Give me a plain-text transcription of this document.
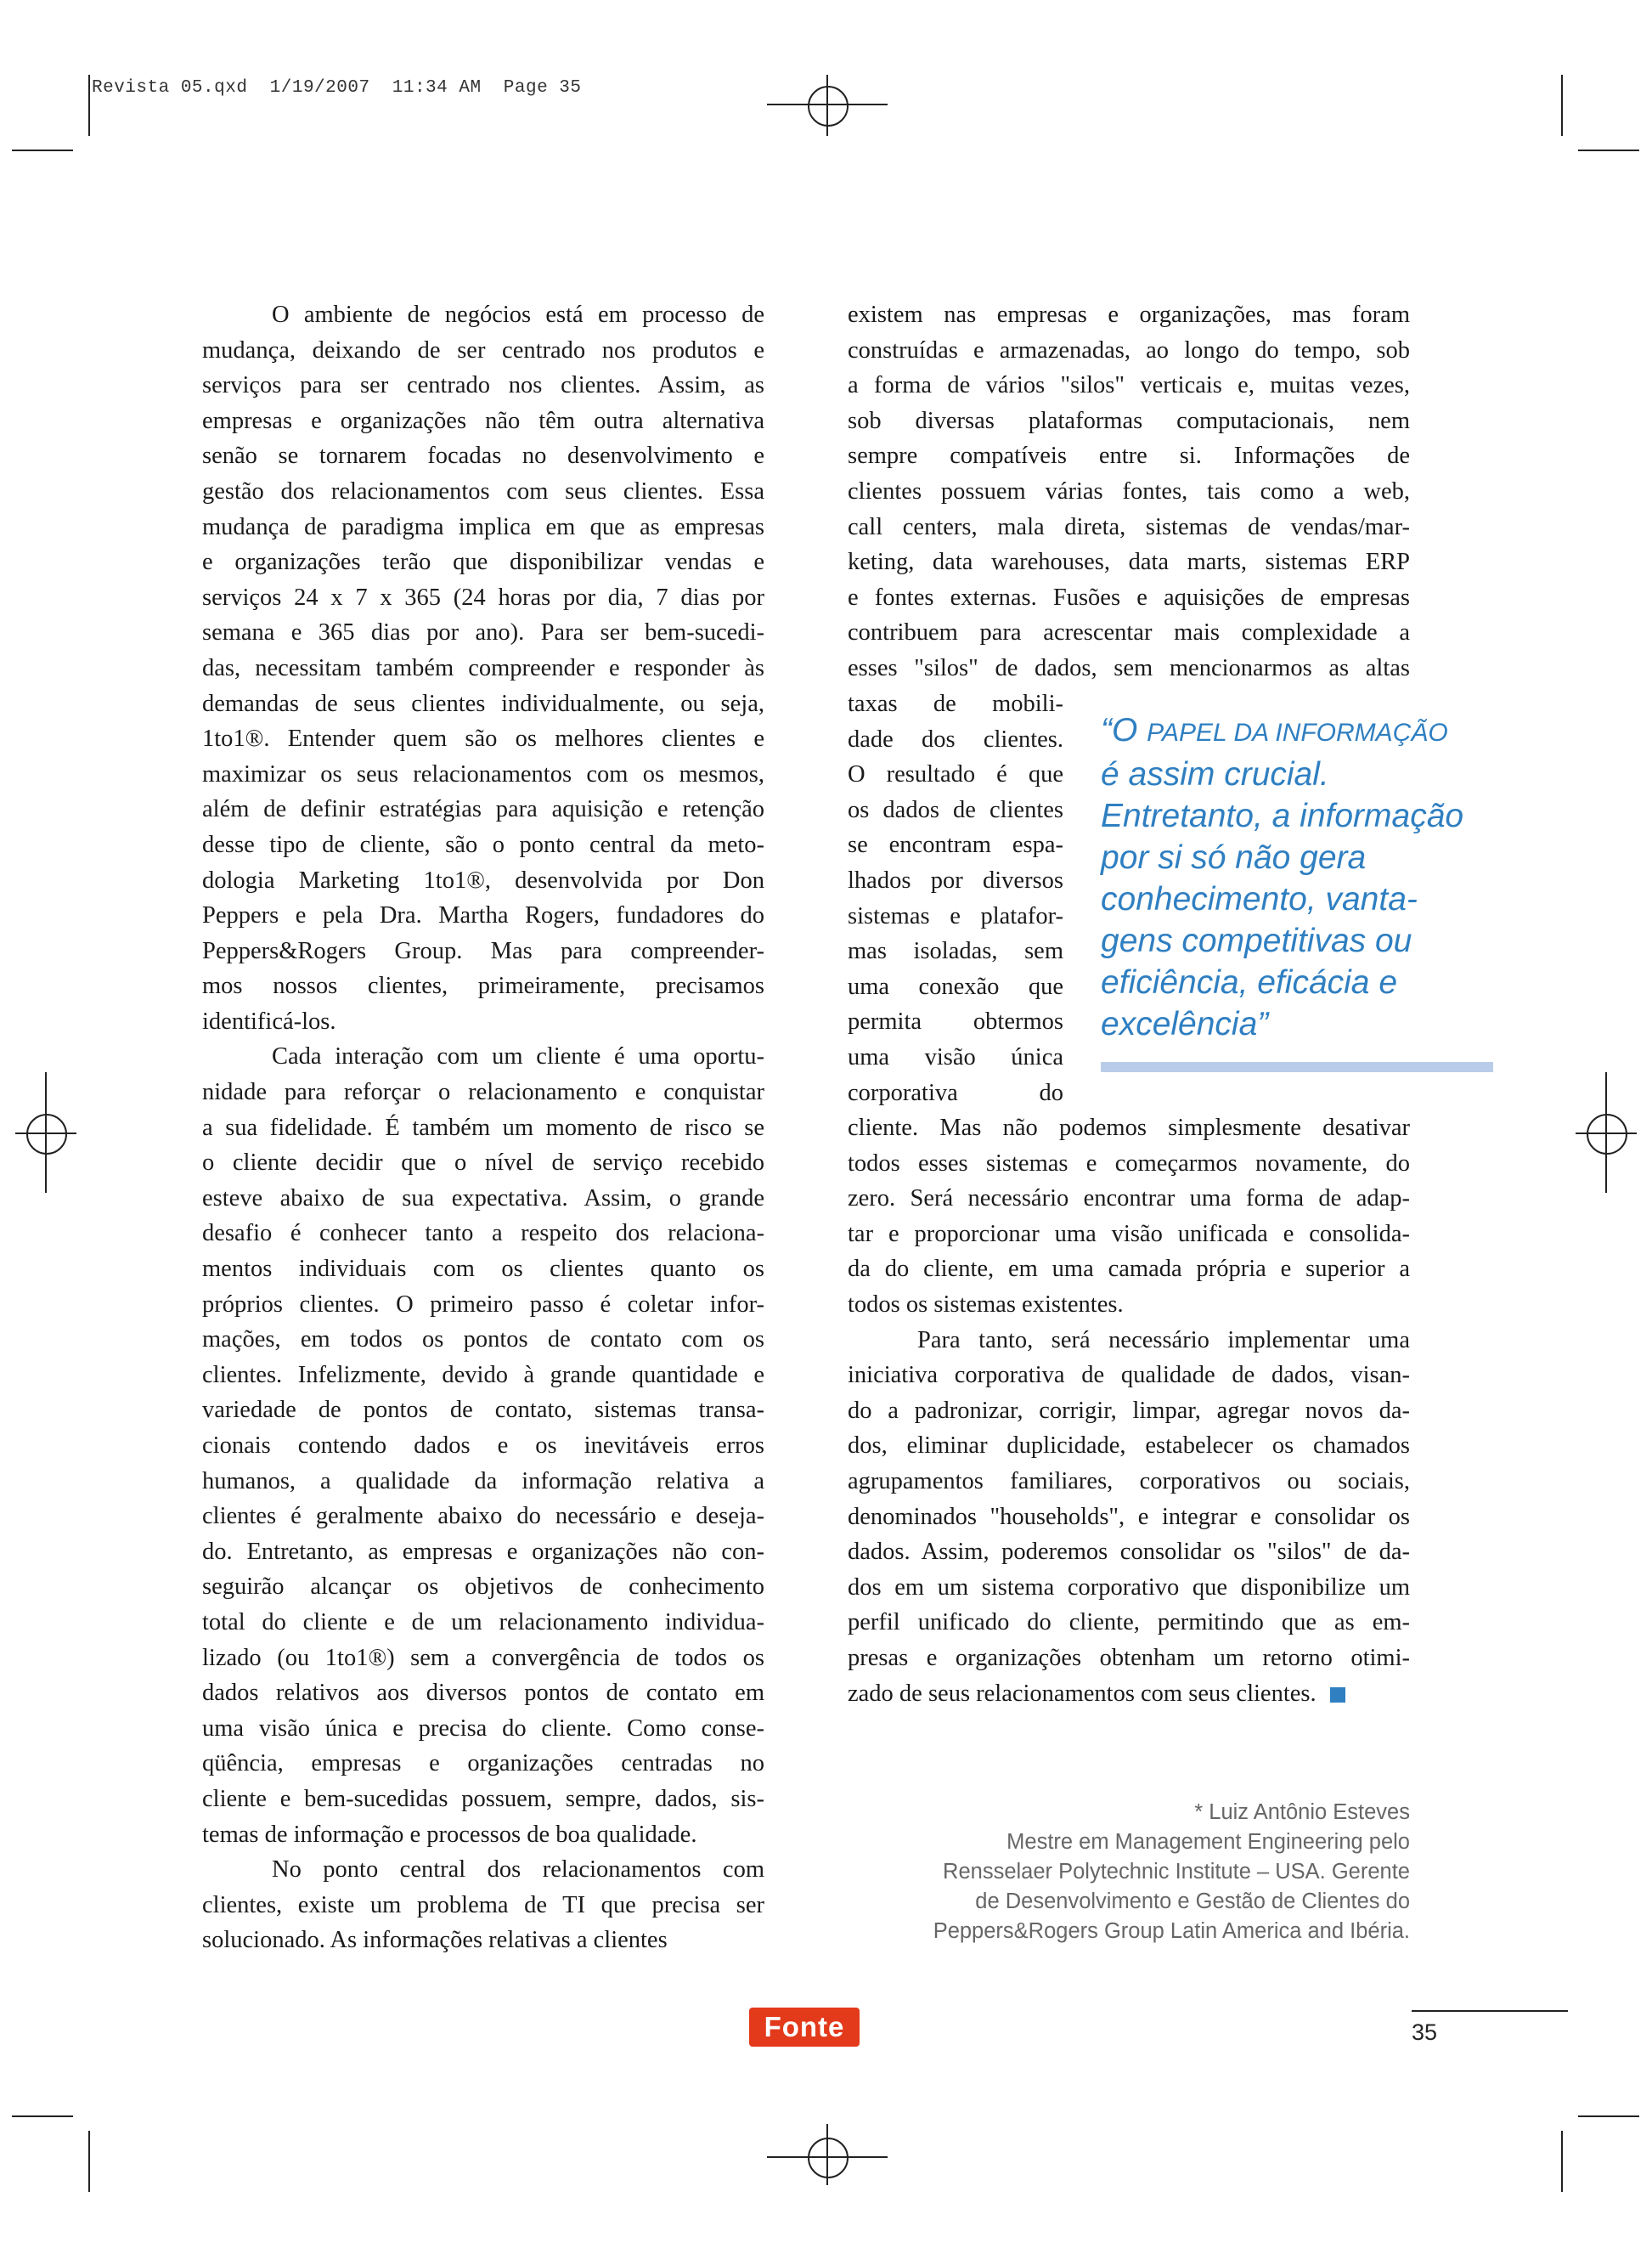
Revista 05.qxd  1/19/2007  11:34 AM  Page 35
O ambiente de negócios está em processo de
mudança, deixando de ser centrado nos produtos e
serviços para ser centrado nos clientes. Assim, as
empresas e organizações não têm outra alternativa
senão se tornarem focadas no desenvolvimento e
gestão dos relacionamentos com seus clientes. Essa
mudança de paradigma implica em que as empresas
e organizações terão que disponibilizar vendas e
serviços 24 x 7 x 365 (24 horas por dia, 7 dias por
semana e 365 dias por ano). Para ser bem-sucedi-
das, necessitam também compreender e responder às
demandas de seus clientes individualmente, ou seja,
1to1®. Entender quem são os melhores clientes e
maximizar os seus relacionamentos com os mesmos,
além de definir estratégias para aquisição e retenção
desse tipo de cliente, são o ponto central da meto-
dologia Marketing 1to1®, desenvolvida por Don
Peppers e pela Dra. Martha Rogers, fundadores do
Peppers&Rogers Group. Mas para compreender-
mos nossos clientes, primeiramente, precisamos
identificá-los.
Cada interação com um cliente é uma oportu-
nidade para reforçar o relacionamento e conquistar
a sua fidelidade. É também um momento de risco se
o cliente decidir que o nível de serviço recebido
esteve abaixo de sua expectativa. Assim, o grande
desafio é conhecer tanto a respeito dos relaciona-
mentos individuais com os clientes quanto os
próprios clientes. O primeiro passo é coletar infor-
mações, em todos os pontos de contato com os
clientes. Infelizmente, devido à grande quantidade e
variedade de pontos de contato, sistemas transa-
cionais contendo dados e os inevitáveis erros
humanos, a qualidade da informação relativa a
clientes é geralmente abaixo do necessário e deseja-
do. Entretanto, as empresas e organizações não con-
seguirão alcançar os objetivos de conhecimento
total do cliente e de um relacionamento individua-
lizado (ou 1to1®) sem a convergência de todos os
dados relativos aos diversos pontos de contato em
uma visão única e precisa do cliente. Como conse-
qüência, empresas e organizações centradas no
cliente e bem-sucedidas possuem, sempre, dados, sis-
temas de informação e processos de boa qualidade.
No ponto central dos relacionamentos com
clientes, existe um problema de TI que precisa ser
solucionado. As informações relativas a clientes
existem nas empresas e organizações, mas foram
construídas e armazenadas, ao longo do tempo, sob
a forma de vários "silos" verticais e, muitas vezes,
sob diversas plataformas computacionais, nem
sempre compatíveis entre si. Informações de
clientes possuem várias fontes, tais como a web,
call centers, mala direta, sistemas de vendas/mar-
keting, data warehouses, data marts, sistemas ERP
e fontes externas. Fusões e aquisições de empresas
contribuem para acrescentar mais complexidade a
esses "silos" de dados, sem mencionarmos as altas
taxas de mobili-
dade dos clientes.
O resultado é que
os dados de clientes
se encontram espa-
lhados por diversos
sistemas e platafor-
mas isoladas, sem
uma conexão que
permita obtermos
uma visão única
corporativa do
cliente. Mas não podemos simplesmente desativar
todos esses sistemas e começarmos novamente, do
zero. Será necessário encontrar uma forma de adap-
tar e proporcionar uma visão unificada e consolida-
da do cliente, em uma camada própria e superior a
todos os sistemas existentes.
Para tanto, será necessário implementar uma
iniciativa corporativa de qualidade de dados, visan-
do a padronizar, corrigir, limpar, agregar novos da-
dos, eliminar duplicidade, estabelecer os chamados
agrupamentos familiares, corporativos ou sociais,
denominados "households", e integrar e consolidar os
dados. Assim, poderemos consolidar os "silos" de da-
dos em um sistema corporativo que disponibilize um
perfil unificado do cliente, permitindo que as em-
presas e organizações obtenham um retorno otimi-
zado de seus relacionamentos com seus clientes.
“O PAPEL DA INFORMAÇÃO
é assim crucial.
Entretanto, a informação
por si só não gera
conhecimento, vanta-
gens competitivas ou
eficiência, eficácia e
excelência”
* Luiz Antônio Esteves
Mestre em Management Engineering pelo
Rensselaer Polytechnic Institute – USA. Gerente
de Desenvolvimento e Gestão de Clientes do
Peppers&Rogers Group Latin America and Ibéria.
Fonte	35
